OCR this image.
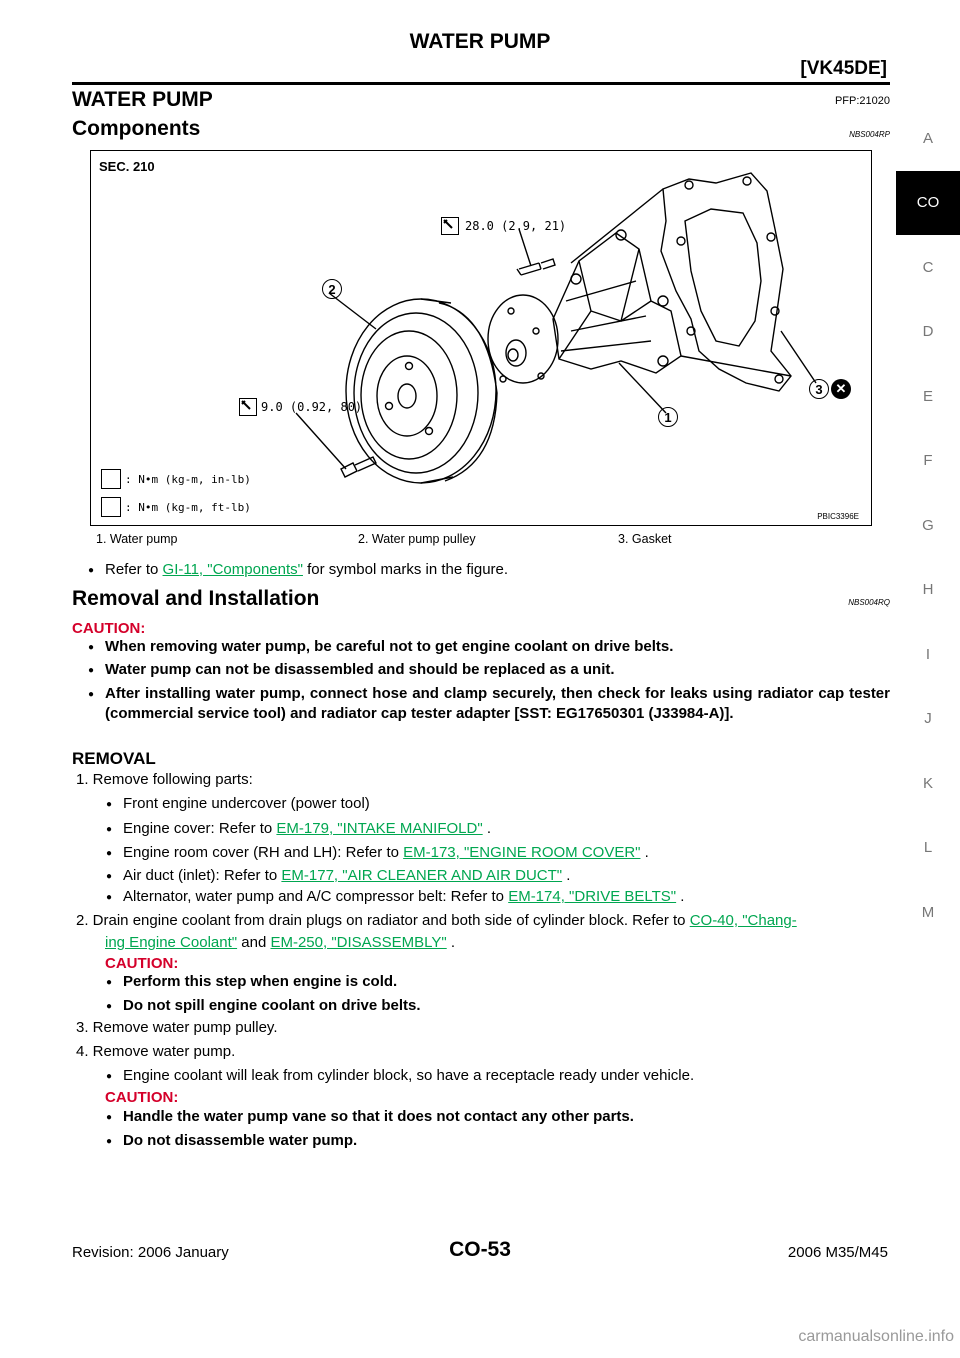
WATER PUMP
[VK45DE]
A
CO
C
D
E
F
G
H
I
J
K
L
M
WATER PUMP	PFP:21020
Components	NBS004RP
SEC. 210
28.0 (2.9, 21)
9.0 (0.92, 80)
2
1
3 ✕
: N•m (kg-m, in-lb)
: N•m (kg-m, ft-lb)
PBIC3396E
1. Water pump	2. Water pump pulley	3. Gasket
● Refer to GI-11, "Components" for symbol marks in the figure.
Removal and Installation	NBS004RQ
CAUTION:
● When removing water pump, be careful not to get engine coolant on drive belts.
● Water pump can not be disassembled and should be replaced as a unit.
● After installing water pump, connect hose and clamp securely, then check for leaks using radiator cap tester (commercial service tool) and radiator cap tester adapter [SST: EG17650301 (J33984-A)].
REMOVAL
1. Remove following parts:
● Front engine undercover (power tool)
● Engine cover: Refer to EM-179, "INTAKE MANIFOLD" .
● Engine room cover (RH and LH): Refer to EM-173, "ENGINE ROOM COVER" .
● Air duct (inlet): Refer to EM-177, "AIR CLEANER AND AIR DUCT" .
● Alternator, water pump and A/C compressor belt: Refer to EM-174, "DRIVE BELTS" .
2. Drain engine coolant from drain plugs on radiator and both side of cylinder block. Refer to CO-40, "Chang-
ing Engine Coolant" and EM-250, "DISASSEMBLY" .
CAUTION:
● Perform this step when engine is cold.
● Do not spill engine coolant on drive belts.
3. Remove water pump pulley.
4. Remove water pump.
● Engine coolant will leak from cylinder block, so have a receptacle ready under vehicle.
CAUTION:
● Handle the water pump vane so that it does not contact any other parts.
● Do not disassemble water pump.
Revision: 2006 January	CO-53	2006 M35/M45
carmanualsonline.info
